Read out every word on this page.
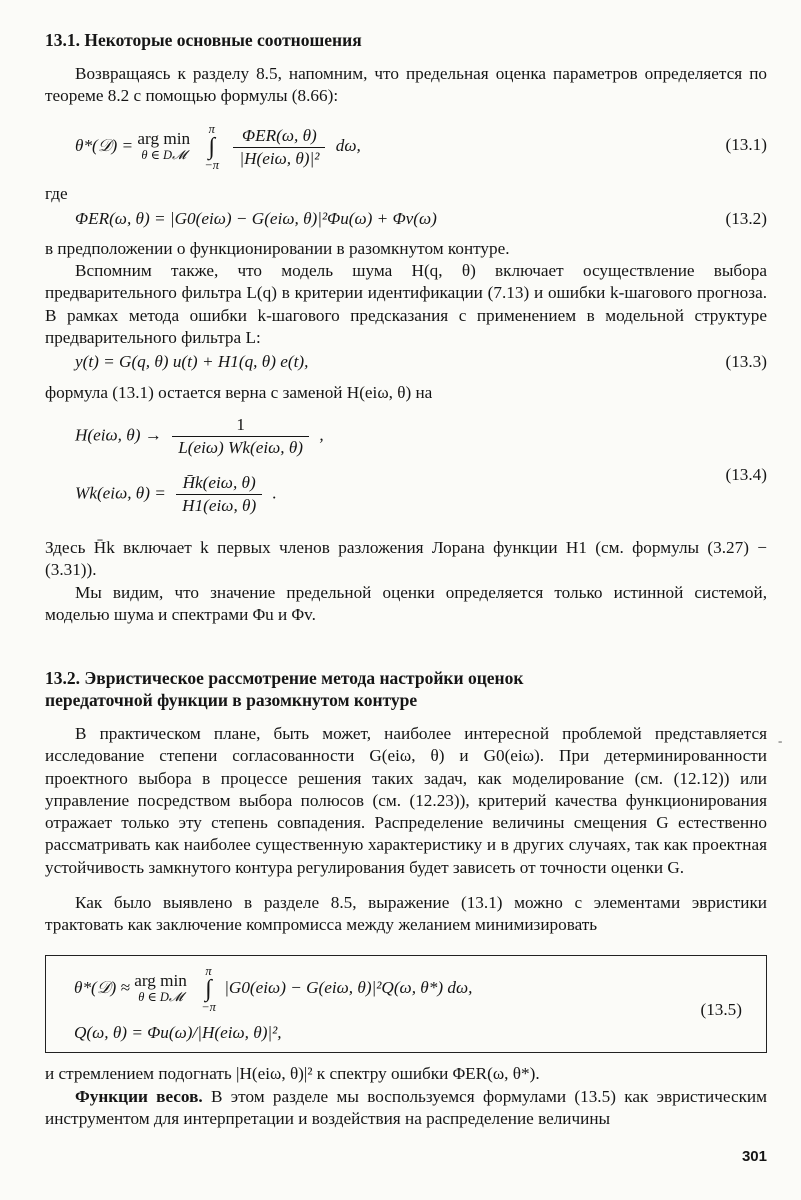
13.1. Некоторые основные соотношения

Возвращаясь к разделу 8.5, напомним, что предельная оценка параметров определяется по теореме 8.2 с помощью формулы (8.66):

θ*(𝒟) = arg min
θ ∈ D𝓜

π
∫
−π
$\frac{\text{ΦER(ω, θ)}}{\text{|H(eiω, θ)|²}} d\omega$,	(13.1)
где
ΦER(ω, θ) = |G0(eiω) − G(eiω, θ)|²Φu(ω) + Φv(ω)	(13.2)

в предположении о функционировании в разомкнутом контуре.

Вспомним также, что модель шума H(q, θ) включает осуществление выбора предварительного фильтра L(q) в критерии идентификации (7.13) и ошибки k-шагового прогноза. В рамках метода ошибки k-шагового предсказания с применением в модельной структуре предварительного фильтра L:

y(t) = G(q, θ) u(t) + H1(q, θ) e(t),	(13.3)

формула (13.1) остается верна с заменой H(eiω, θ) на

H(eiω, $\theta) \to \frac{1}{\text{L(eiω) Wk(eiω, θ)}}$ ,
Wk(eiω, $\theta) = \frac{\text{H̄k(eiω, θ)}}{\text{H1(eiω, θ)}}$ .
(13.4)

Здесь H̄k включает k первых членов разложения Лорана функции H1 (см. формулы (3.27) − (3.31)).

Мы видим, что значение предельной оценки определяется только истинной системой, моделью шума и спектрами Φu и Φv.

13.2. Эвристическое рассмотрение метода настройки оценок
передаточной функции в разомкнутом контуре

В практическом плане, быть может, наиболее интересной проблемой представляется исследование степени согласованности G(eiω, θ) и G0(eiω). При детерминированности проектного выбора в процессе решения таких задач, как моделирование (см. (12.12)) или управление посредством выбора полюсов (см. (12.23)), критерий качества функционирования отражает только эту степень совпадения. Распределение величины смещения G естественно рассматривать как наиболее существенную характеристику и в других случаях, так как проектная устойчивость замкнутого контура регулирования будет зависеть от точности оценки G.

Как было выявлено в разделе 8.5, выражение (13.1) можно с элементами эвристики трактовать как заключение компромисса между желанием минимизировать

θ*(𝒟) ≈ arg min
θ ∈ D𝓜

π
∫
−π
|G0(eiω) − G(eiω, θ)|²Q(ω, θ*) dω,
Q(ω, θ) = Φu(ω)/|H(eiω, θ)|²,
(13.5)

и стремлением подогнать |H(eiω, θ)|² к спектру ошибки ΦER(ω, θ*).

Функции весов. В этом разделе мы воспользуемся формулами (13.5) как эвристическим инструментом для интерпретации и воздействия на распределение величины

-
301
